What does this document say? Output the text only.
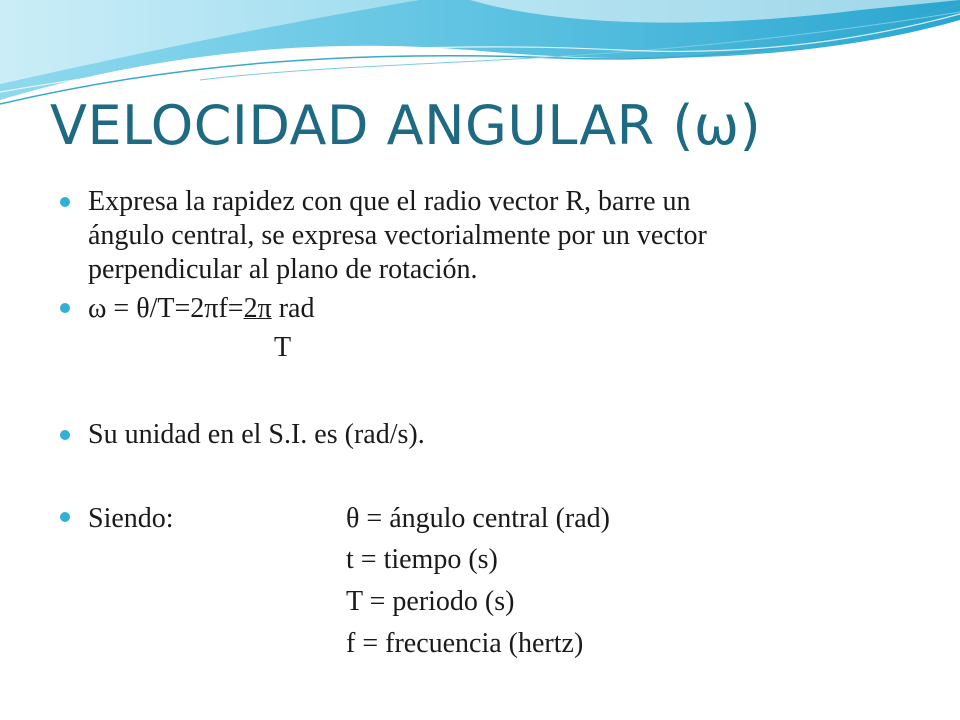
VELOCIDAD ANGULAR (ω)
Expresa la rapidez con que el radio vector R, barre un
ángulo central, se expresa vectorialmente por un vector
perpendicular al plano de rotación.
ω = θ/T=2πf=2π rad
T
Su unidad en el S.I. es (rad/s).
Siendo:	θ = ángulo central (rad)
t = tiempo (s)
T = periodo (s)
f = frecuencia (hertz)
